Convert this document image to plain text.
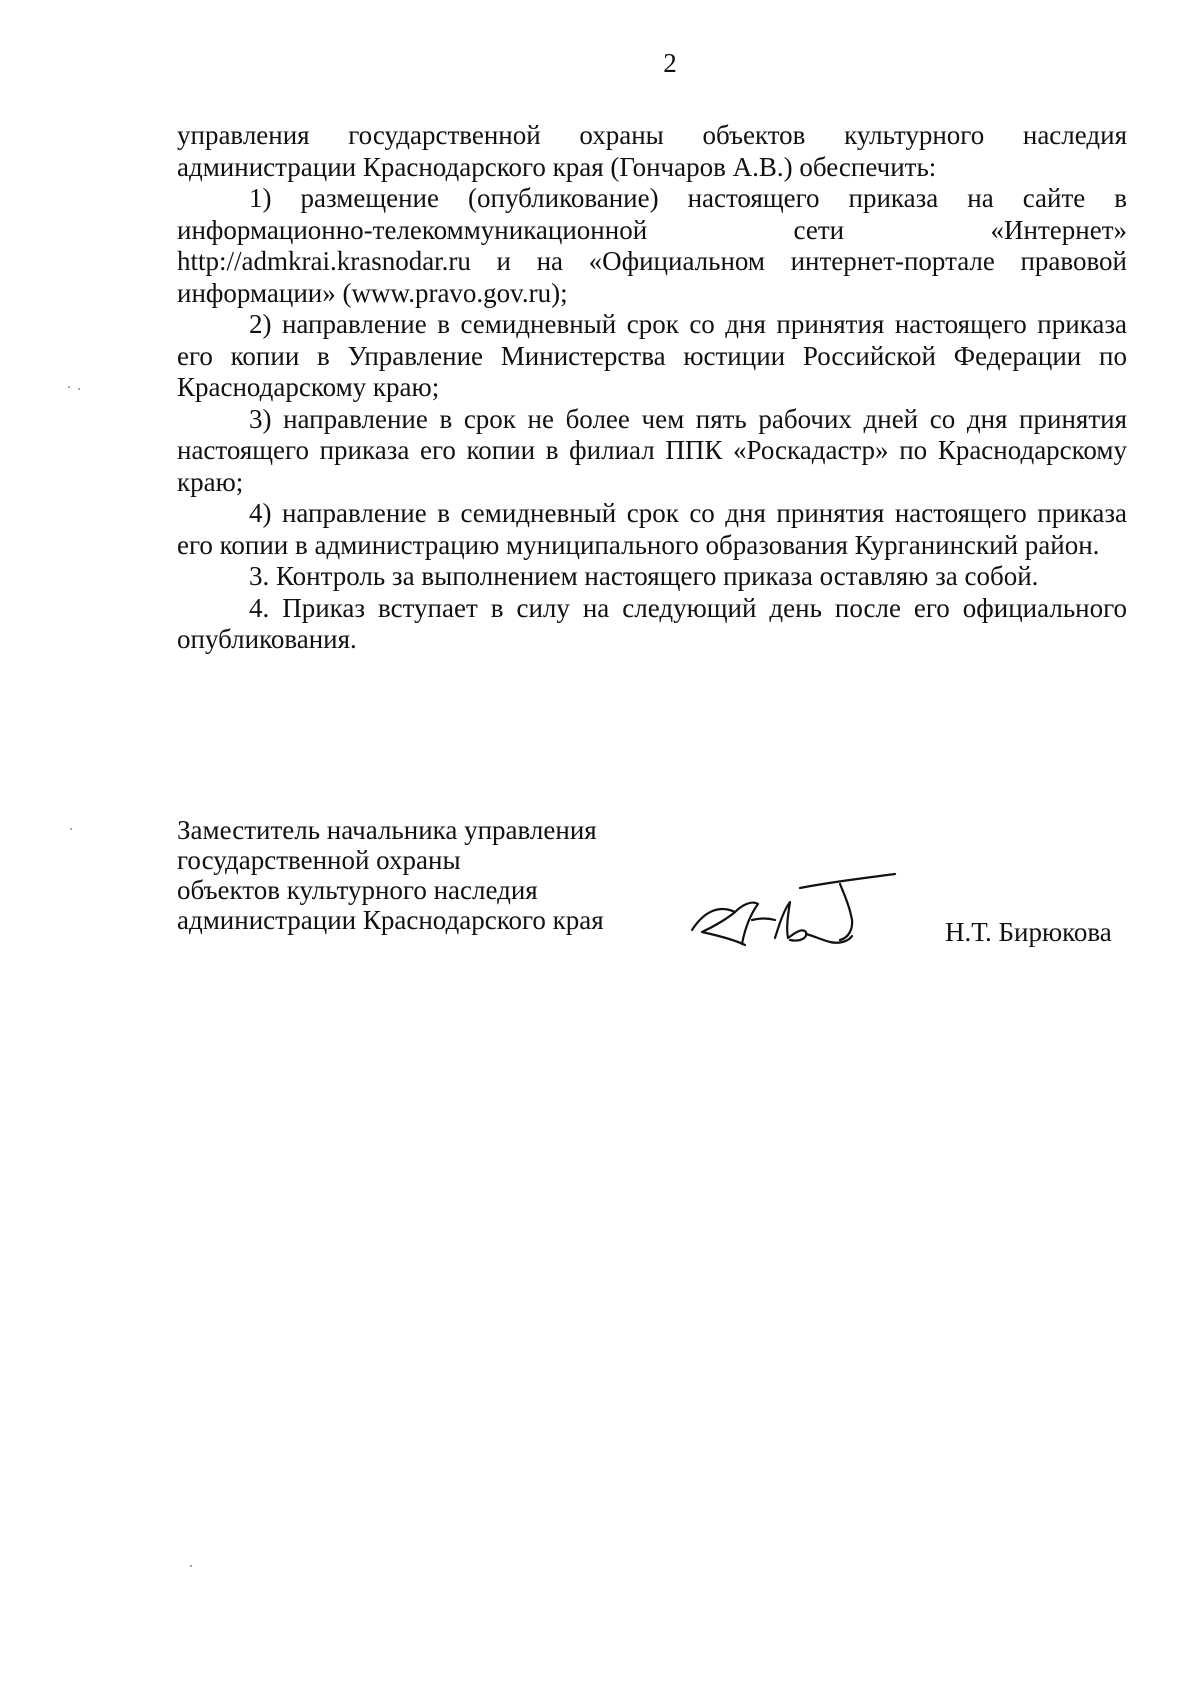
2

управления государственной охраны объектов культурного наследия администрации Краснодарского края (Гончаров А.В.) обеспечить:

1) размещение (опубликование) настоящего приказа на сайте в информационно-телекоммуникационной сети «Интернет» http://admkrai.krasnodar.ru и на «Официальном интернет-портале правовой информации» (www.pravo.gov.ru);

2) направление в семидневный срок со дня принятия настоящего приказа его копии в Управление Министерства юстиции Российской Федерации по Краснодарскому краю;

3) направление в срок не более чем пять рабочих дней со дня принятия настоящего приказа его копии в филиал ППК «Роскадастр» по Краснодарскому краю;

4) направление в семидневный срок со дня принятия настоящего приказа его копии в администрацию муниципального образования Курганинский район.

3. Контроль за выполнением настоящего приказа оставляю за собой.

4. Приказ вступает в силу на следующий день после его официального опубликования.

Заместитель начальника управления
государственной охраны
объектов культурного наследия
администрации Краснодарского края	Н.Т. Бирюкова
